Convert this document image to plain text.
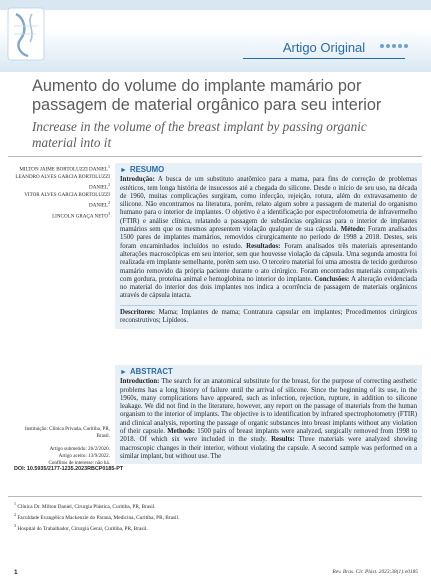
Artigo Original
Aumento do volume do implante mamário por passagem de material orgânico para seu interior
Increase in the volume of the breast implant by passing organic material into it
MILTON JAIME BORTOLUZZI DANIEL$^1$
LEANDRO ALVES GARCIA BORTOLUZZI DANIEL$^2$
VITOR ALVES GARCIA BORTOLUZZI DANIEL$^2$
LINCOLN GRAÇA NETO$^3$
► RESUMO

Introdução: A busca de um substituto anatômico para a mama, para fins de correção de problemas estéticos, tem longa história de insucessos até a chegada do silicone. Desde o início de seu uso, na década de 1960, muitas complicações surgiram, como infecção, rejeição, rotura, além do extravasamento de silicone. Não encontramos na literatura, porém, relato algum sobre a passagem de material do organismo humano para o interior de implantes. O objetivo é a identificação por espectrofotometria de infravermelho (FTIR) e análise clínica, relatando a passagem de substâncias orgânicas para o interior de implantes mamários sem que os mesmos apresentem violação qualquer de sua cápsula. Método: Foram analisados 1500 pares de implantes mamários, removidos cirurgicamente no período de 1998 a 2018. Destes, seis foram encaminhados incluídos no estudo. Resultados: Foram analisados três materiais apresentando alterações macroscópicas em seu interior, sem que houvesse violação da cápsula. Uma segunda amostra foi realizada em implante semelhante, porém sem uso. O terceiro material foi uma amostra de tecido gorduroso mamário removido da própria paciente durante o ato cirúrgico. Foram encontrados materiais compatíveis com gordura, proteína animal e hemoglobina no interior do implante. Conclusões: A alteração evidenciada no material do interior dos dois implantes nos indica a ocorrência de passagem de materiais orgânicos através de cápsula intacta.

Descritores: Mama; Implantes de mama; Contratura capsular em implantes; Procedimentos cirúrgicos reconstrutivos; Lipídeos.

► ABSTRACT

Introduction: The search for an anatomical substitute for the breast, for the purpose of correcting aesthetic problems has a long history of failure until the arrival of silicone. Since the beginning of its use, in the 1960s, many complications have appeared, such as infection, rejection, rupture, in addition to silicone leakage. We did not find in the literature, however, any report on the passage of materials from the human organism to the interior of implants. The objective is to identification by infrared spectrophotometry (FTIR) and clinical analysis, reporting the passage of organic substances into breast implants without any violation of their capsule. Methods: 1500 pairs of breast implants were analyzed, surgically removed from 1998 to 2018. Of which six were included in the study. Results: Three materials were analyzed showing macroscopic changes in their interior, without violating the capsule. A second sample was performed on a similar implant, but without use. The

Instituição: Clínica Privada, Curitiba, PR, Brasil.
Artigo submetido: 26/2/2020.
Artigo aceito: 13/9/2022.
Conflitos de interesse: não há.
DOI: 10.5935/2177-1235.2023RBCP0185-PT
$^1$ Clínica Dr. Milton Daniel, Cirurgia Plástica, Curitiba, PR, Brasil.
$^2$ Faculdade Evangélica Mackenzie do Paraná, Medicina, Curitiba, PR, Brasil.
$^3$ Hospital do Trabalhador, Cirurgia Geral, Curitiba, PR, Brasil.
1	Rev. Bras. Cir. Plást. 2023;38(1):e0185
